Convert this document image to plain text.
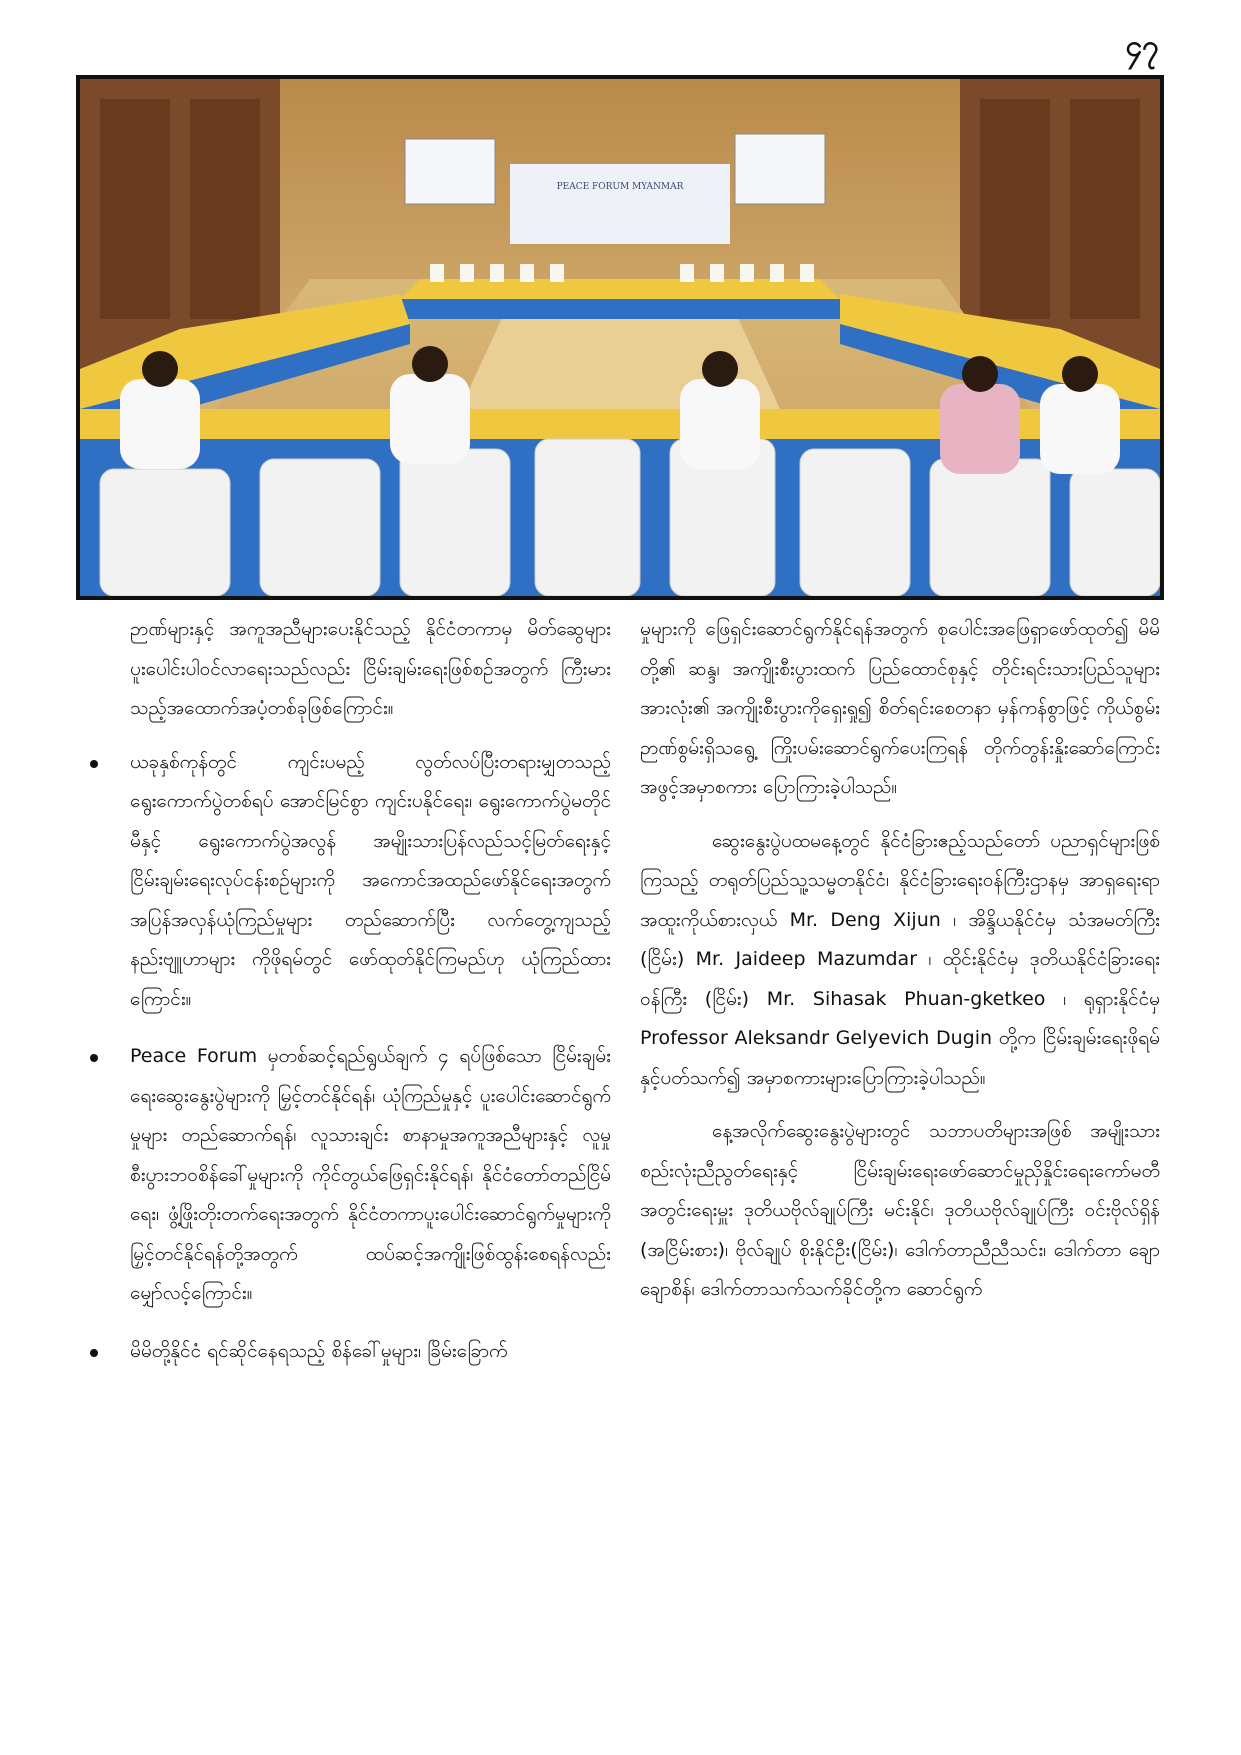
၄၇
PEACE FORUM MYANMAR

ဉာဏ်များနှင့် အကူအညီများပေးနိုင်သည့် နိုင်ငံတကာမှ မိတ်ဆွေများ ပူးပေါင်းပါဝင်လာရေးသည်လည်း ငြိမ်းချမ်းရေးဖြစ်စဉ်အတွက် ကြီးမားသည့်အထောက်အပံ့တစ်ခုဖြစ်ကြောင်း။

ယခုနှစ်ကုန်တွင် ကျင်းပမည့် လွတ်လပ်ပြီးတရားမျှတသည့် ရွေးကောက်ပွဲတစ်ရပ် အောင်မြင်စွာ ကျင်းပနိုင်ရေး၊ ရွေးကောက်ပွဲမတိုင်မီနှင့် ရွေးကောက်ပွဲအလွန် အမျိုးသားပြန်လည်သင့်မြတ်ရေးနှင့် ငြိမ်းချမ်းရေးလုပ်ငန်းစဉ်များကို အကောင်အထည်ဖော်နိုင်ရေးအတွက် အပြန်အလှန်ယုံကြည်မှုများ တည်ဆောက်ပြီး လက်တွေ့ကျသည့် နည်းဗျူဟာများ ကိုဖိုရမ်တွင် ဖော်ထုတ်နိုင်ကြမည်ဟု ယုံကြည်ထားကြောင်း။
Peace Forum မှတစ်ဆင့်ရည်ရွယ်ချက် ၄ ရပ်ဖြစ်သော ငြိမ်းချမ်းရေးဆွေးနွေးပွဲများကို မြှင့်တင်နိုင်ရန်၊ ယုံကြည်မှုနှင့် ပူးပေါင်းဆောင်ရွက်မှုများ တည်ဆောက်ရန်၊ လူသားချင်း စာနာမှုအကူအညီများနှင့် လူမှုစီးပွားဘဝစိန်ခေါ်မှုများကို ကိုင်တွယ်ဖြေရှင်းနိုင်ရန်၊ နိုင်ငံတော်တည်ငြိမ်ရေး၊ ဖွံ့ဖြိုးတိုးတက်ရေးအတွက် နိုင်ငံတကာပူးပေါင်းဆောင်ရွက်မှုများကို မြှင့်တင်နိုင်ရန်တို့အတွက် ထပ်ဆင့်အကျိုးဖြစ်ထွန်းစေရန်လည်း မျှော်လင့်ကြောင်း။
မိမိတို့နိုင်ငံ ရင်ဆိုင်နေရသည့် စိန်ခေါ်မှုများ၊ ခြိမ်းခြောက်

မှုများကို ဖြေရှင်းဆောင်ရွက်နိုင်ရန်အတွက် စုပေါင်းအဖြေရှာဖော်ထုတ်၍ မိမိတို့၏ ဆန္ဒ၊ အကျိုးစီးပွားထက် ပြည်ထောင်စုနှင့် တိုင်းရင်းသားပြည်သူများအားလုံး၏ အကျိုးစီးပွားကိုရှေးရှု၍ စိတ်ရင်းစေတနာ မှန်ကန်စွာဖြင့် ကိုယ်စွမ်းဉာဏ်စွမ်းရှိသရွေ့ ကြိုးပမ်းဆောင်ရွက်ပေးကြရန် တိုက်တွန်းနှိုးဆော်ကြောင်း အဖွင့်အမှာစကား ပြောကြားခဲ့ပါသည်။

ဆွေးနွေးပွဲပထမနေ့တွင် နိုင်ငံခြားဧည့်သည်တော် ပညာရှင်များဖြစ်ကြသည့် တရုတ်ပြည်သူ့သမ္မတနိုင်ငံ၊ နိုင်ငံခြားရေးဝန်ကြီးဌာနမှ အာရှရေးရာအထူးကိုယ်စားလှယ် Mr. Deng Xijun ၊ အိန္ဒိယနိုင်ငံမှ သံအမတ်ကြီး (ငြိမ်း) Mr. Jaideep Mazumdar ၊ ထိုင်းနိုင်ငံမှ ဒုတိယနိုင်ငံခြားရေးဝန်ကြီး (ငြိမ်း) Mr. Sihasak Phuan-gketkeo ၊ ရုရှားနိုင်ငံမှ Professor Aleksandr Gelyevich Dugin တို့က ငြိမ်းချမ်းရေးဖိုရမ်နှင့်ပတ်သက်၍ အမှာစကားများပြောကြားခဲ့ပါသည်။

နေ့အလိုက်ဆွေးနွေးပွဲများတွင် သဘာပတိများအဖြစ် အမျိုးသားစည်းလုံးညီညွတ်ရေးနှင့် ငြိမ်းချမ်းရေးဖော်ဆောင်မှုညှိနှိုင်းရေးကော်မတီအတွင်းရေးမှူး ဒုတိယဗိုလ်ချုပ်ကြီး မင်းနိုင်၊ ဒုတိယဗိုလ်ချုပ်ကြီး ဝင်းဗိုလ်ရှိန် (အငြိမ်းစား)၊ ဗိုလ်ချုပ် စိုးနိုင်ဦး(ငြိမ်း)၊ ဒေါက်တာညီညီသင်း၊ ဒေါက်တာ ချောချောစိန်၊ ဒေါက်တာသက်သက်ခိုင်တို့က ဆောင်ရွက်
